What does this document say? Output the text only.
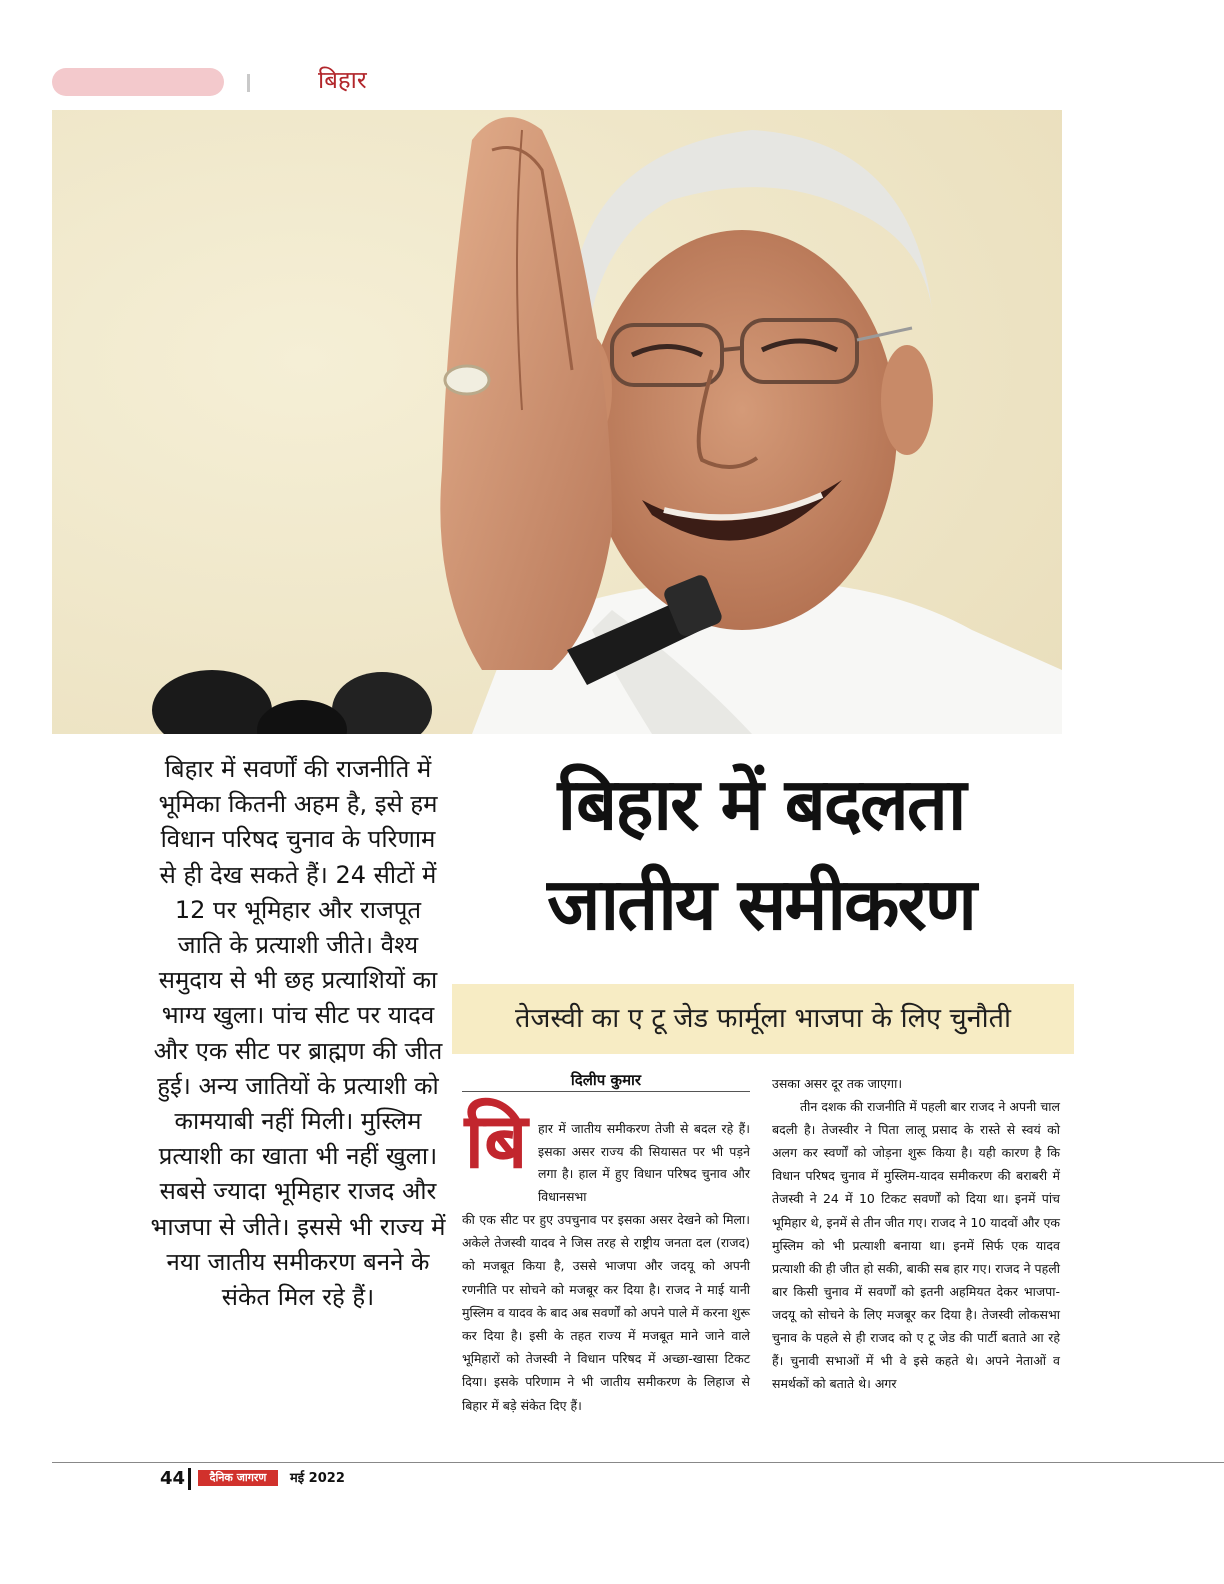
बिहार
बिहार में सवर्णों की राजनीति में भूमिका कितनी अहम है, इसे हम विधान परिषद चुनाव के परिणाम से ही देख सकते हैं। 24 सीटों में 12 पर भूमिहार और राजपूत जाति के प्रत्याशी जीते। वैश्य समुदाय से भी छह प्रत्याशियों का भाग्य खुला। पांच सीट पर यादव और एक सीट पर ब्राह्मण की जीत हुई। अन्य जातियों के प्रत्याशी को कामयाबी नहीं मिली। मुस्लिम प्रत्याशी का खाता भी नहीं खुला। सबसे ज्यादा भूमिहार राजद और भाजपा से जीते। इससे भी राज्य में नया जातीय समीकरण बनने के संकेत मिल रहे हैं।
बिहार में बदलता
जातीय समीकरण
तेजस्वी का ए टू जेड फार्मूला भाजपा के लिए चुनौती
दिलीप कुमार
बि हार में जातीय समीकरण तेजी से बदल रहे हैं। इसका असर राज्य की सियासत पर भी पड़ने लगा है। हाल में हुए विधान परिषद चुनाव और विधानसभा
की एक सीट पर हुए उपचुनाव पर इसका असर देखने को मिला। अकेले तेजस्वी यादव ने जिस तरह से राष्ट्रीय जनता दल (राजद) को मजबूत किया है, उससे भाजपा और जदयू को अपनी रणनीति पर सोचने को मजबूर कर दिया है। राजद ने माई यानी मुस्लिम व यादव के बाद अब सवर्णों को अपने पाले में करना शुरू कर दिया है। इसी के तहत राज्य में मजबूत माने जाने वाले भूमिहारों को तेजस्वी ने विधान परिषद में अच्छा-खासा टिकट दिया। इसके परिणाम ने भी जातीय समीकरण के लिहाज से बिहार में बड़े संकेत दिए हैं।
उसका असर दूर तक जाएगा।
तीन दशक की राजनीति में पहली बार राजद ने अपनी चाल बदली है। तेजस्वीर ने पिता लालू प्रसाद के रास्ते से स्वयं को अलग कर स्वर्णों को जोड़ना शुरू किया है। यही कारण है कि विधान परिषद चुनाव में मुस्लिम-यादव समीकरण की बराबरी में तेजस्वी ने 24 में 10 टिकट सवर्णों को दिया था। इनमें पांच भूमिहार थे, इनमें से तीन जीत गए। राजद ने 10 यादवों और एक मुस्लिम को भी प्रत्याशी बनाया था। इनमें सिर्फ एक यादव प्रत्याशी की ही जीत हो सकी, बाकी सब हार गए। राजद ने पहली बार किसी चुनाव में सवर्णों को इतनी अहमियत देकर भाजपा-जदयू को सोचने के लिए मजबूर कर दिया है। तेजस्वी लोकसभा चुनाव के पहले से ही राजद को ए टू जेड की पार्टी बताते आ रहे हैं। चुनावी सभाओं में भी वे इसे कहते थे। अपने नेताओं व समर्थकों को बताते थे। अगर
44	दैनिक जागरण	मई 2022
